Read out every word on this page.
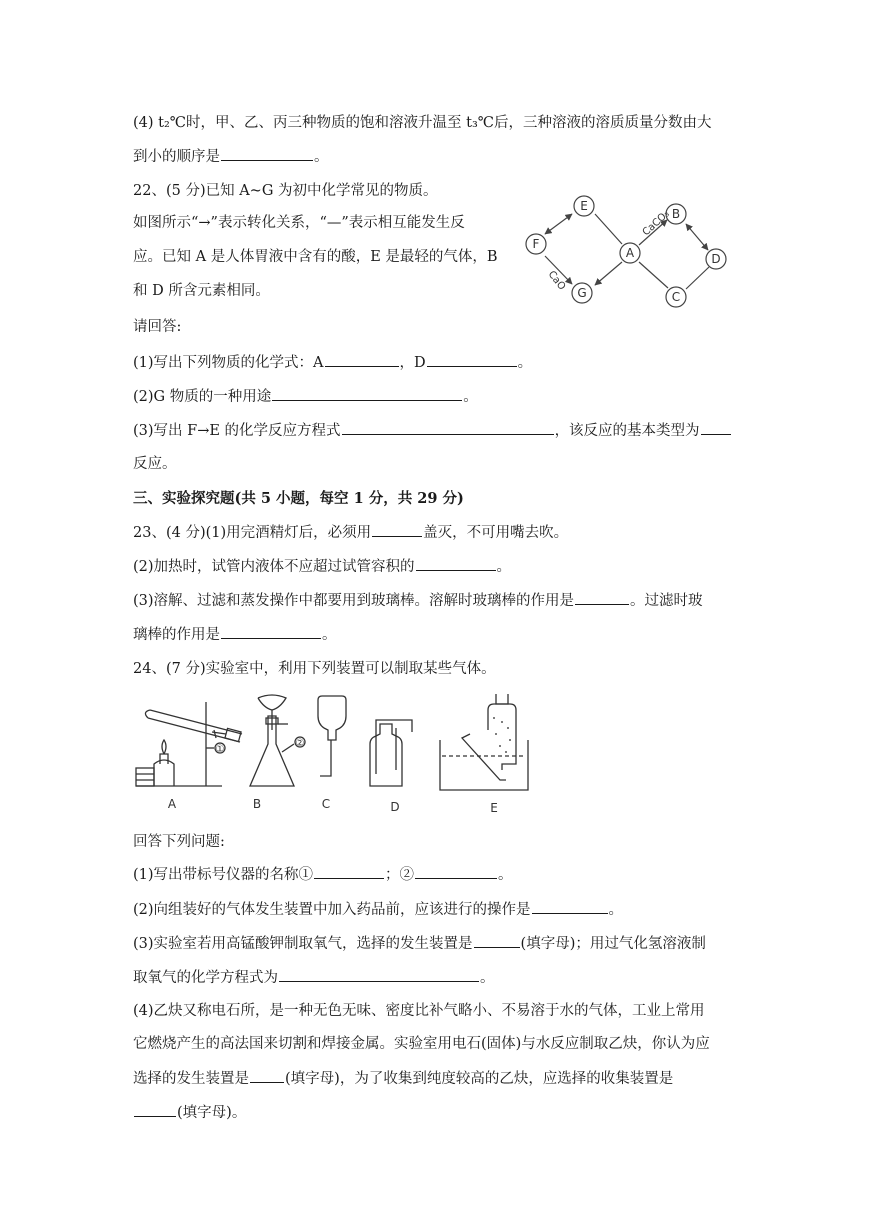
(4) t₂℃时，甲、乙、丙三种物质的饱和溶液升温至 t₃℃后，三种溶液的溶质质量分数由大
到小的顺序是	。
22、(5 分)已知 A~G 为初中化学常见的物质。
如图所示“→”表示转化关系，“—”表示相互能发生反
应。已知 A 是人体胃液中含有的酸，E 是最轻的气体，B
和 D 所含元素相同。
请回答:
E
F
G
A
B
D
C
CaCO₃
CaO
(1)写出下列物质的化学式：A	，D	。
(2)G 物质的一种用途	。
(3)写出 F→E 的化学反应方程式	，该反应的基本类型为
反应。
三、实验探究题(共 5 小题，每空 1 分，共 29 分)
23、(4 分)(1)用完酒精灯后，必须用	盖灭，不可用嘴去吹。
(2)加热时，试管内液体不应超过试管容积的	。
(3)溶解、过滤和蒸发操作中都要用到玻璃棒。溶解时玻璃棒的作用是	。过滤时玻
璃棒的作用是	。
24、(7 分)实验室中，利用下列装置可以制取某些气体。
①
②
A	B	C	D	E
回答下列问题:
(1)写出带标号仪器的名称①	；②	。
(2)向组装好的气体发生装置中加入药品前，应该进行的操作是	。
(3)实验室若用高锰酸钾制取氧气，选择的发生装置是	(填字母)；用过气化氢溶液制
取氧气的化学方程式为	。
(4)乙炔又称电石所，是一种无色无味、密度比补气略小、不易溶于水的气体，工业上常用
它燃烧产生的高法国来切割和焊接金属。实验室用电石(固体)与水反应制取乙炔，你认为应
选择的发生装置是 (填字母)，为了收集到纯度较高的乙炔，应选择的收集装置是
(填字母)。
